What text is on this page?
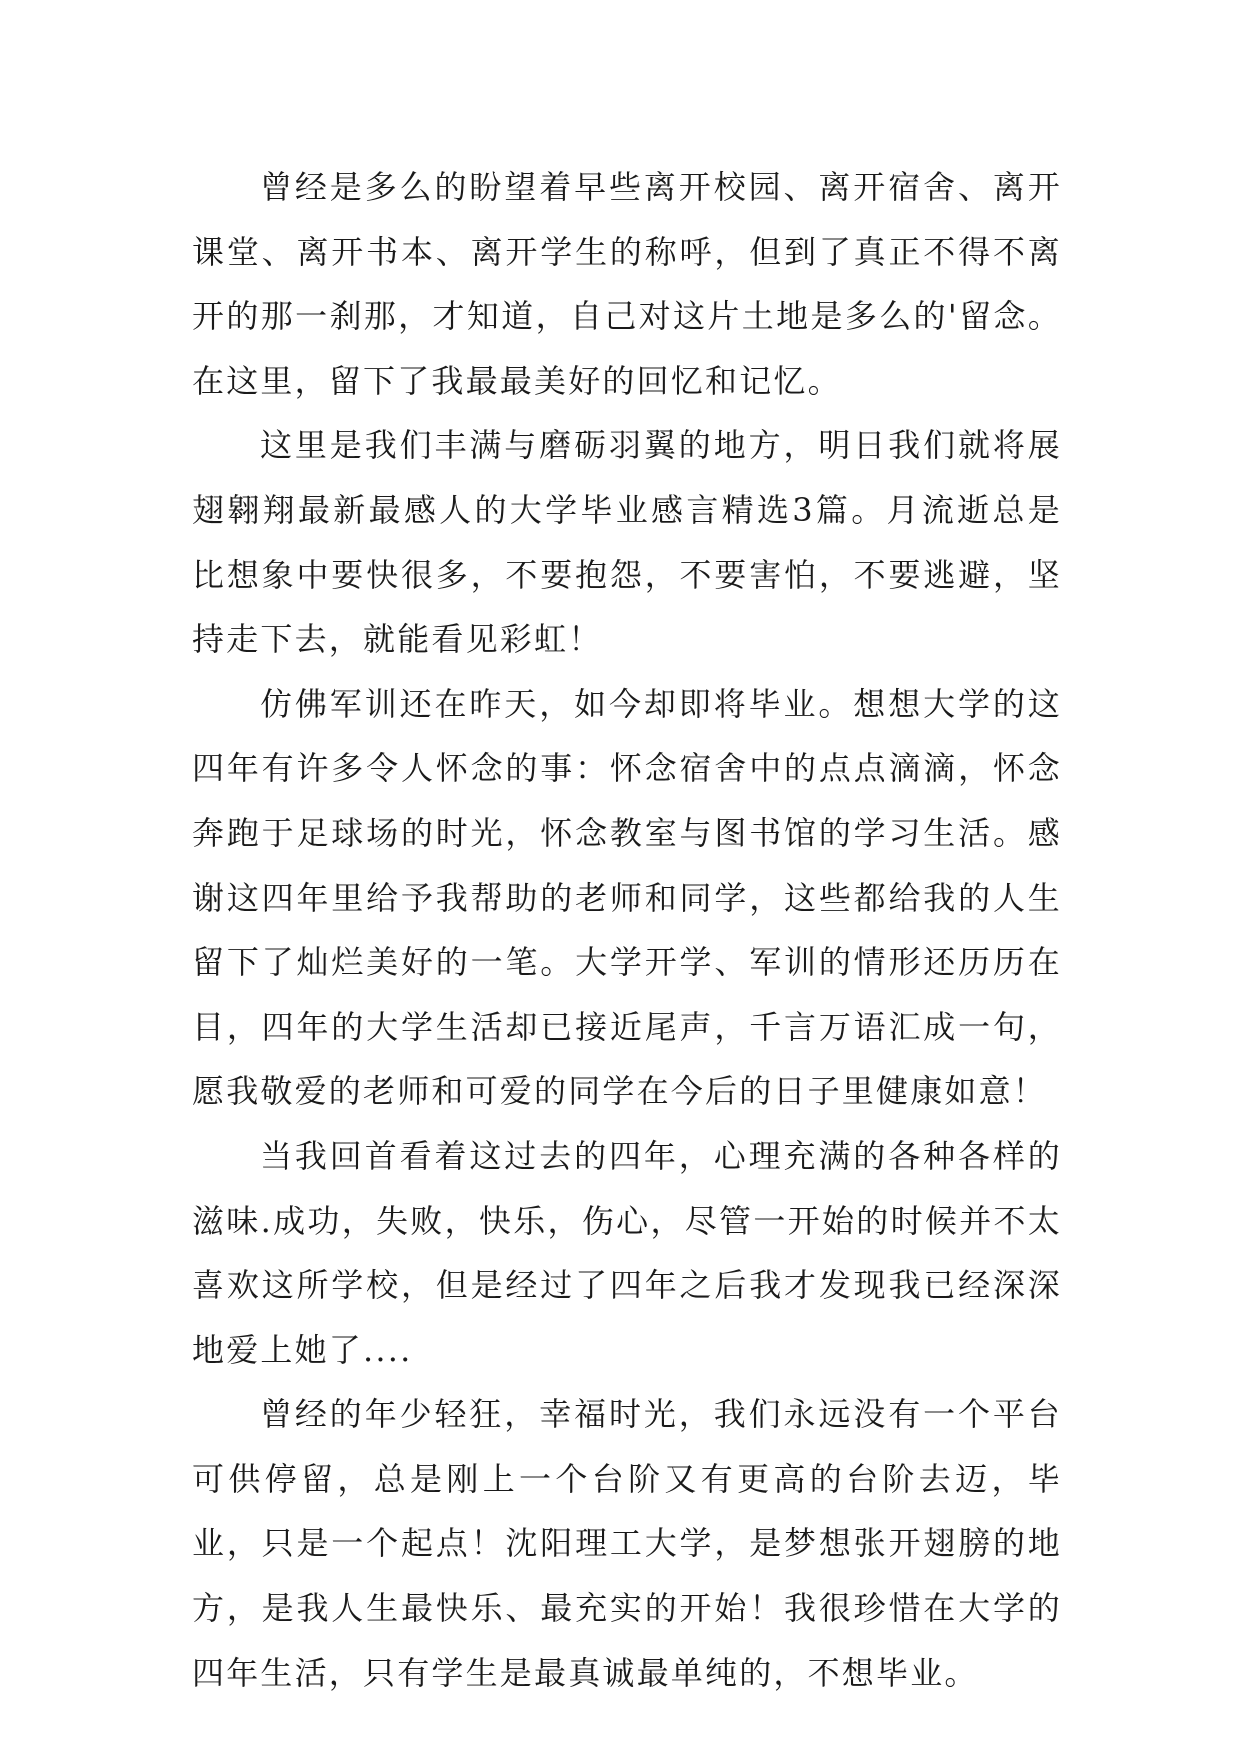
曾经是多么的盼望着早些离开校园、离开宿舍、离开课堂、离开书本、离开学生的称呼，但到了真正不得不离开的那一刹那，才知道，自己对这片土地是多么的'留念。在这里，留下了我最最美好的回忆和记忆。

这里是我们丰满与磨砺羽翼的地方，明日我们就将展翅翱翔最新最感人的大学毕业感言精选3篇。月流逝总是比想象中要快很多，不要抱怨，不要害怕，不要逃避，坚持走下去，就能看见彩虹！

仿佛军训还在昨天，如今却即将毕业。想想大学的这四年有许多令人怀念的事：怀念宿舍中的点点滴滴，怀念奔跑于足球场的时光，怀念教室与图书馆的学习生活。感谢这四年里给予我帮助的老师和同学，这些都给我的人生留下了灿烂美好的一笔。大学开学、军训的情形还历历在目，四年的大学生活却已接近尾声，千言万语汇成一句，愿我敬爱的老师和可爱的同学在今后的日子里健康如意！

当我回首看着这过去的四年，心理充满的各种各样的滋味.成功，失败，快乐，伤心，尽管一开始的时候并不太喜欢这所学校，但是经过了四年之后我才发现我已经深深地爱上她了....

曾经的年少轻狂，幸福时光，我们永远没有一个平台可供停留，总是刚上一个台阶又有更高的台阶去迈，毕业，只是一个起点！沈阳理工大学，是梦想张开翅膀的地方，是我人生最快乐、最充实的开始！我很珍惜在大学的四年生活，只有学生是最真诚最单纯的，不想毕业。
